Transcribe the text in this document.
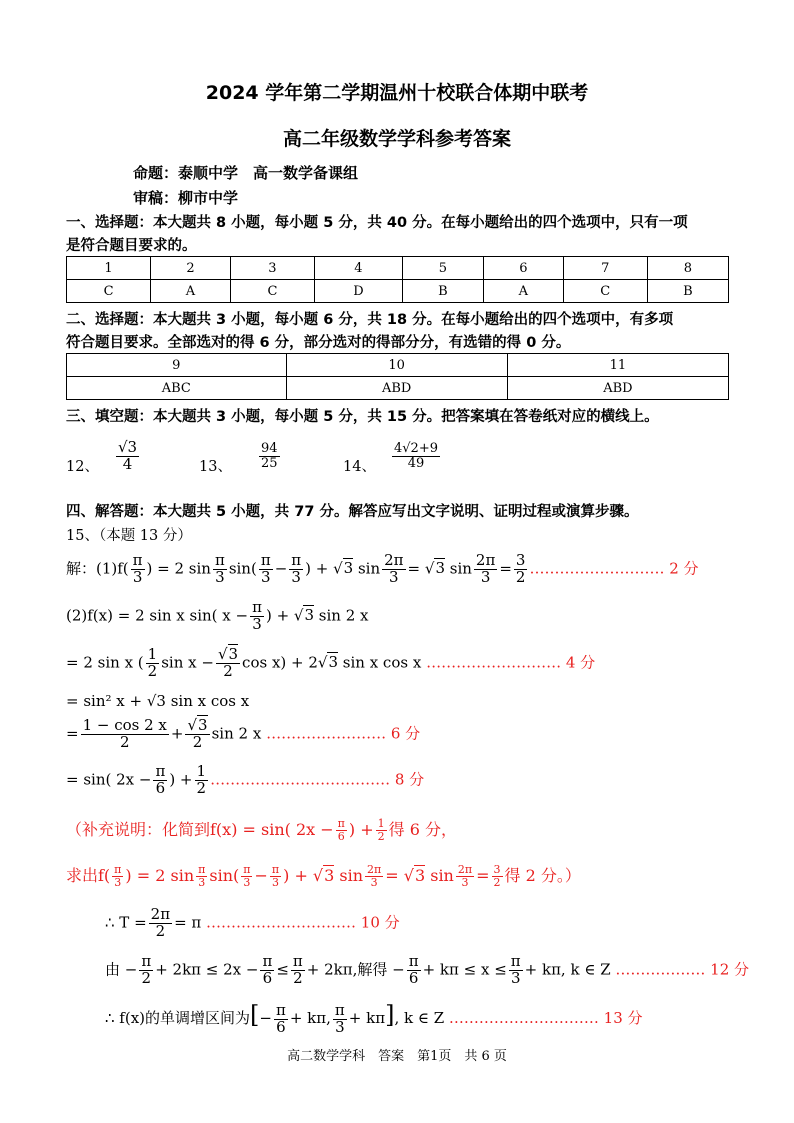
2024 学年第二学期温州十校联合体期中联考
高二年级数学学科参考答案
命题：泰顺中学　高一数学备课组
审稿：柳市中学
一、选择题：本大题共 8 小题，每小题 5 分，共 40 分。在每小题给出的四个选项中，只有一项
是符合题目要求的。
1	2	3	4	5	6	7	8
C	A	C	D	B	A	C	B
二、选择题：本大题共 3 小题，每小题 6 分，共 18 分。在每小题给出的四个选项中，有多项
符合题目要求。全部选对的得 6 分，部分选对的得部分分，有选错的得 0 分。
9	10	11
ABC	ABD	ABD
三、填空题：本大题共 3 小题，每小题 5 分，共 15 分。把答案填在答卷纸对应的横线上。
12、 $\frac{√3}{4}$	13、 $\frac{94}{25}$	14、 $\frac{4√2+9}{49}$
四、解答题：本大题共 5 小题，共 77 分。解答应写出文字说明、证明过程或演算步骤。
15、（本题 13 分）
解：$(1)f( \frac{\pi}{3}$ ) = 2 $\sin \frac{\pi}{3} \sin( \frac{\pi}{3} - \frac{\pi}{3}$ ) + √3 $\sin \frac{2\pi}{3} = √3$ $\sin \frac{2\pi}{3} = \frac{3}{2}$ ……………………… 2 分
(2)f(x) = 2 sin x sin( $x - \frac{\pi}{3}$ ) + √3 sin 2 x
= 2 sin x ( $\frac{1}{2}$ $\sin x - \frac{√3}{2}$ cos x) + 2√3 sin x cos x ……………………… 4 分
= sin² x + √3 sin x cos x
= $\frac{1 - \cos 2 x}{2} + \frac{√3}{2}$ sin 2 x …………………… 6 分
= sin( $2x - \frac{\pi}{6}$ ) + $\frac{1}{2}$ ……………………………… 8 分
（补充说明：化简到f(x) = sin( $2x - \frac{\pi}{6}$ ) + $\frac{1}{2}$ 得 6 分，
求出$f( \frac{\pi}{3}$ ) = 2 $\sin \frac{\pi}{3} \sin( \frac{\pi}{3} - \frac{\pi}{3}$ ) + √3 $\sin \frac{2\pi}{3} = √3$ $\sin \frac{2\pi}{3} = \frac{3}{2}$ 得 2 分。）
∴ $T = \frac{2\pi}{2} = \pi$ ………………………… 10 分
由 − $\frac{\pi}{2} + 2k\pi \le 2x - \frac{\pi}{6} \le \frac{\pi}{2} + 2k\pi$,解得 − $\frac{\pi}{6} + k\pi \le x \le \frac{\pi}{3} + k\pi$, k ∈ Z ……………… 12 分
∴ f(x)的单调增区间为[− $\frac{\pi}{6} + k\pi$, $\frac{\pi}{3} + k\pi$], k ∈ Z ………………………… 13 分
高二数学学科　答案　第1页　共 6 页
